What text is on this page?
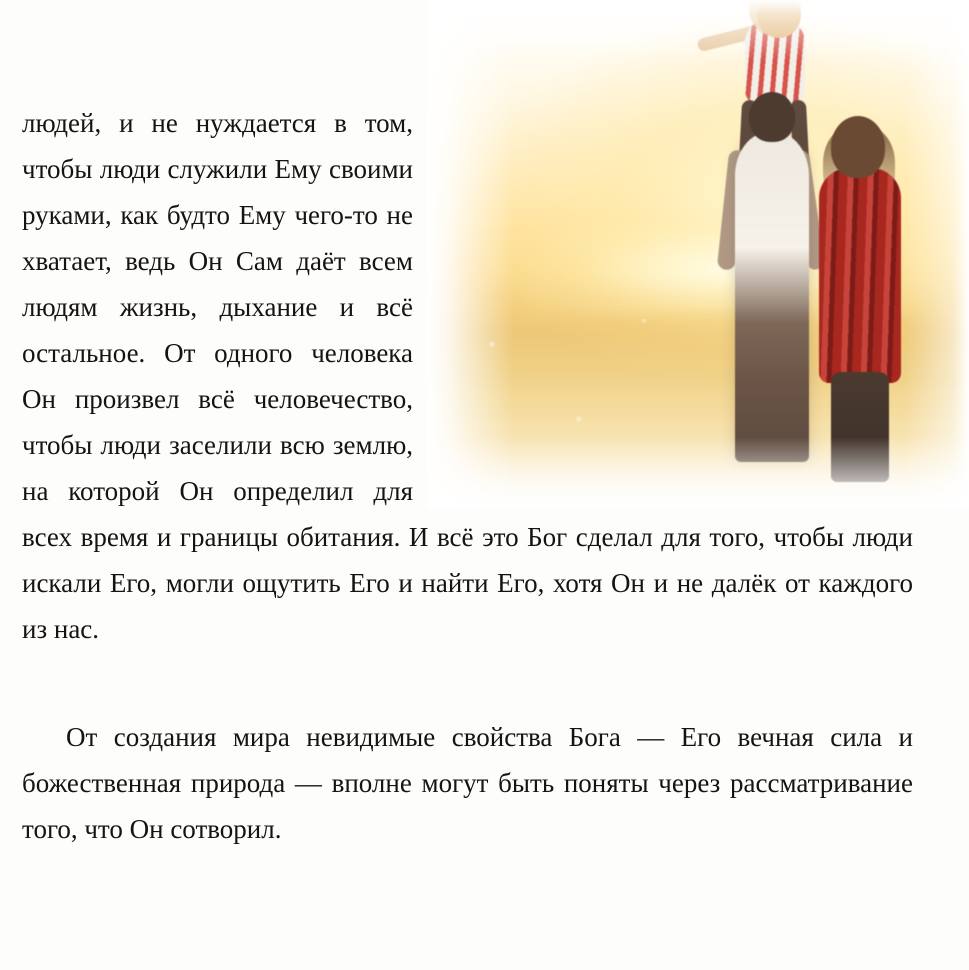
людей, и не нуждается в том, чтобы люди служили Ему своими руками, как будто Ему чего-то не хватает, ведь Он Сам даёт всем людям жизнь, дыхание и всё остальное. От одного человека Он произвел всё человечество, чтобы люди заселили всю землю, на которой Он определил для всех время и границы обитания. И всё это Бог сделал для того, чтобы люди искали Его, могли ощутить Его и найти Его, хотя Он и не далёк от каждого из нас.

От создания мира невидимые свойства Бога — Его вечная сила и божественная природа — вполне могут быть поняты через рассматривание того, что Он сотворил.
